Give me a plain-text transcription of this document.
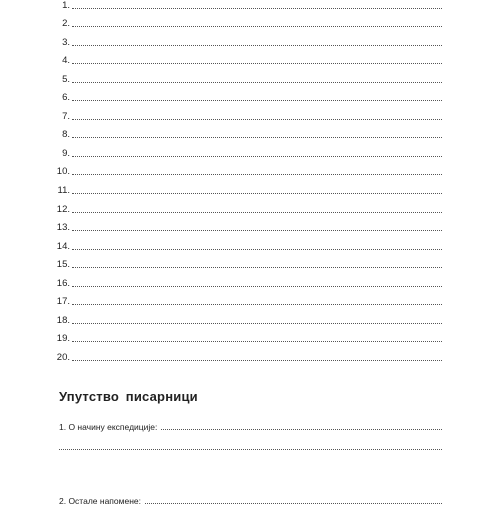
1.
2.
3.
4.
5.
6.
7.
8.
9.
10.
11.
12.
13.
14.
15.
16.
17.
18.
19.
20.
Упутство писарници
1. О начину експедиције:
2. Остале напомене:
